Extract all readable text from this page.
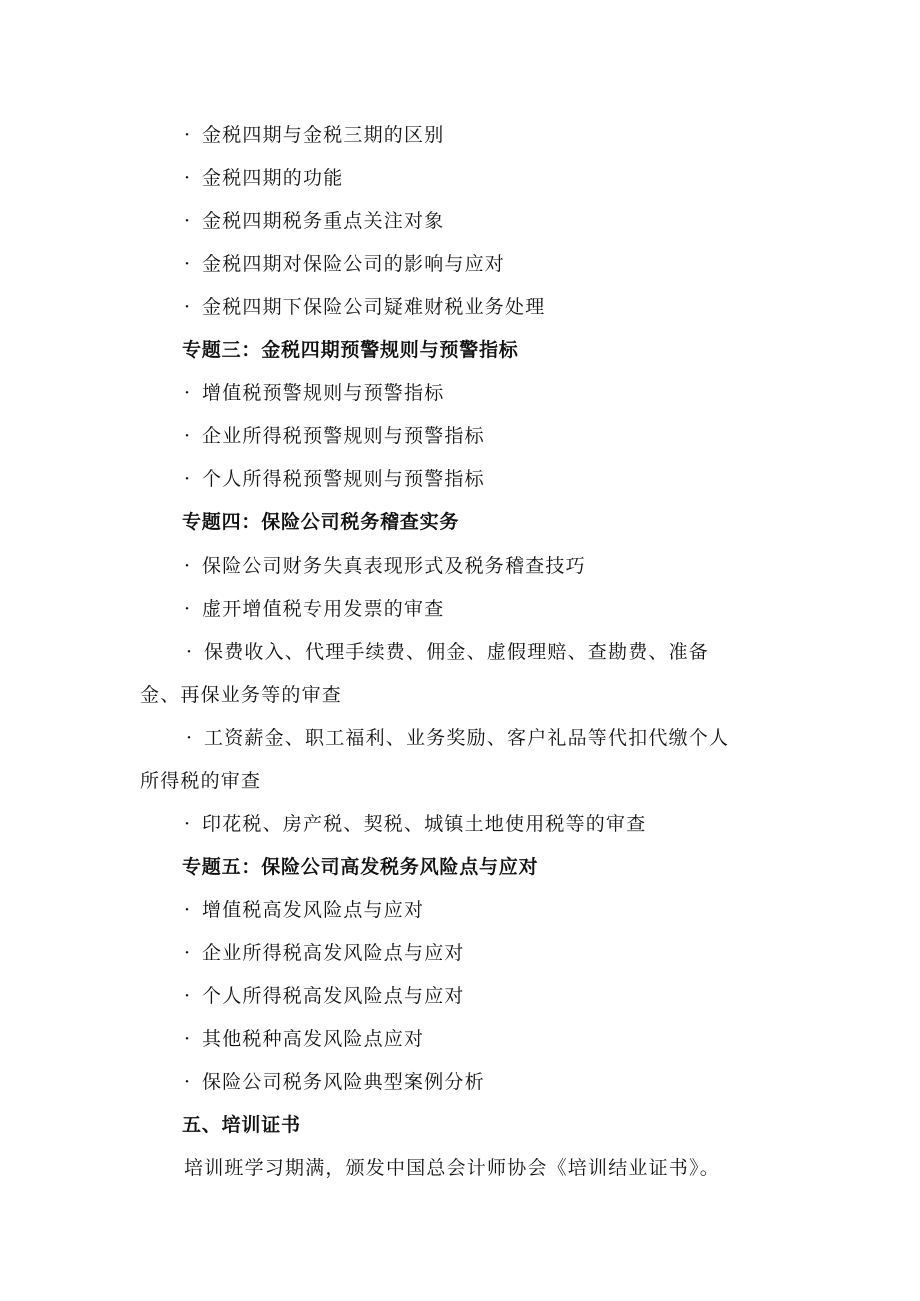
· 金税四期与金税三期的区别
· 金税四期的功能
· 金税四期税务重点关注对象
· 金税四期对保险公司的影响与应对
· 金税四期下保险公司疑难财税业务处理
专题三：金税四期预警规则与预警指标
· 增值税预警规则与预警指标
· 企业所得税预警规则与预警指标
· 个人所得税预警规则与预警指标
专题四：保险公司税务稽查实务
· 保险公司财务失真表现形式及税务稽查技巧
· 虚开增值税专用发票的审查
· 保费收入、代理手续费、佣金、虚假理赔、查勘费、准备
金、再保业务等的审查
· 工资薪金、职工福利、业务奖励、客户礼品等代扣代缴个人
所得税的审查
· 印花税、房产税、契税、城镇土地使用税等的审查
专题五：保险公司高发税务风险点与应对
· 增值税高发风险点与应对
· 企业所得税高发风险点与应对
· 个人所得税高发风险点与应对
· 其他税种高发风险点应对
· 保险公司税务风险典型案例分析
五、培训证书
培训班学习期满，颁发中国总会计师协会《培训结业证书》。
